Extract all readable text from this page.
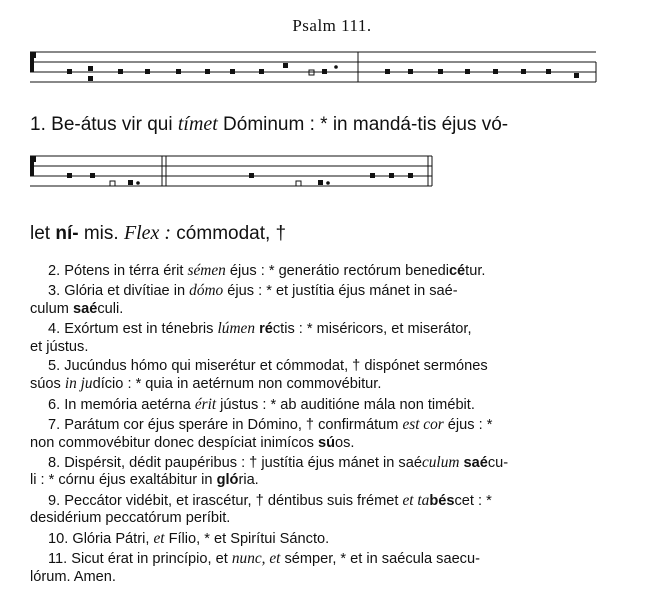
Psalm 111.
1. Be-átus vir qui tímet Dóminum : * in mandá-tis éjus vó-
let ní- mis. Flex : cómmodat, †
2. Pótens in térra érit sémen éjus : * generátio rectórum benedicétur.
3. Glória et divítiae in dómo éjus : * et justítia éjus mánet in saé-
culum saéculi.
4. Exórtum est in ténebris lúmen réctis : * miséricors, et miserátor,
et jústus.
5. Jucúndus hómo qui miserétur et cómmodat, † dispónet sermónes
súos in judício : * quia in aetérnum non commovébitur.
6. In memória aetérna érit jústus : * ab auditióne mála non timébit.
7. Parátum cor éjus speráre in Dómino, † confirmátum est cor éjus : *
non commovébitur donec despíciat inimícos súos.
8. Dispérsit, dédit paupéribus : † justítia éjus mánet in saéculum saécu-
li : * córnu éjus exaltábitur in glória.
9. Peccátor vidébit, et irascétur, † déntibus suis frémet et tabéscet : *
desidérium peccatórum períbit.
10. Glória Pátri, et Fílio, * et Spirítui Sáncto.
11. Sicut érat in princípio, et nunc, et sémper, * et in saécula saecu-
lórum. Amen.
